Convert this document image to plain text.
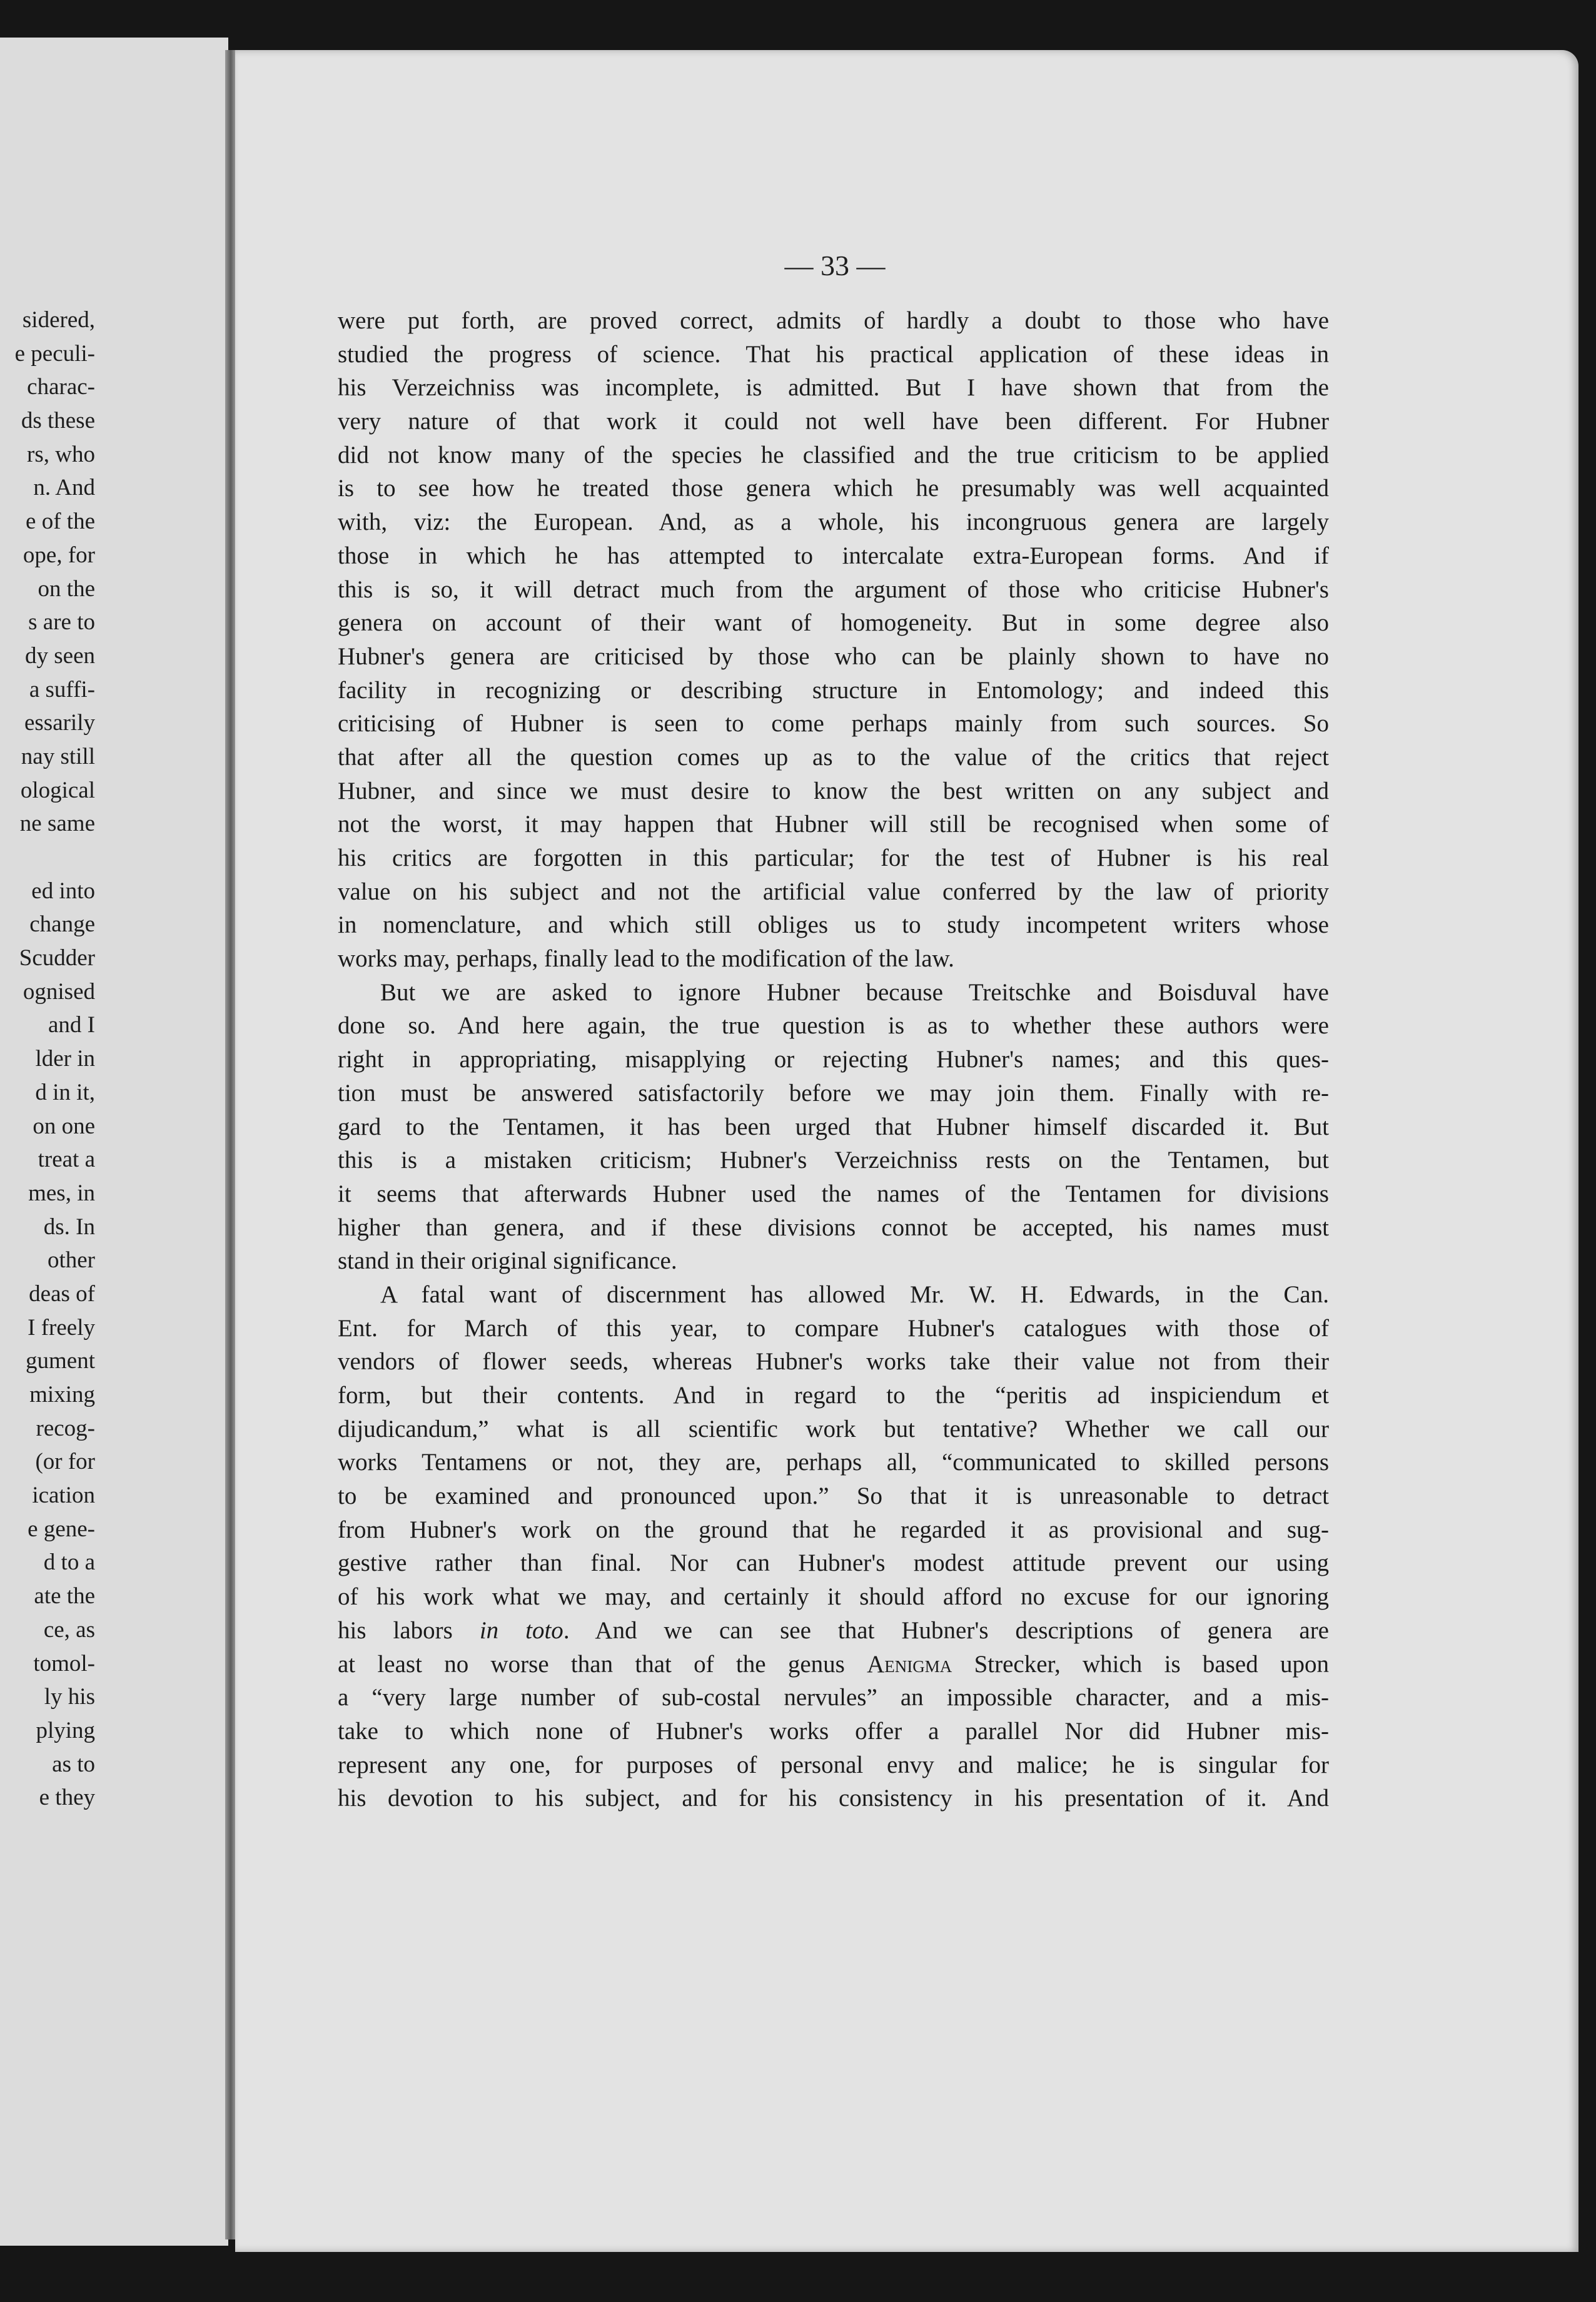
sidered,
e peculi-
charac-
ds these
rs, who
n. And
e of the
ope, for
on the
s are to
dy seen
a suffi-
essarily
nay still
ological
ne same
ed into
change
Scudder
ognised
and I
lder in
d in it,
on one
treat a
mes, in
ds. In
other
deas of
I freely
gument
mixing
recog-
(or for
ication
e gene-
d to a
ate the
ce, as
tomol-
ly his
plying
as to
e they
— 33 —
were put forth, are proved correct, admits of hardly a doubt to those who have
studied the progress of science. That his practical application of these ideas in
his Verzeichniss was incomplete, is admitted. But I have shown that from the
very nature of that work it could not well have been different. For Hubner
did not know many of the species he classified and the true criticism to be applied
is to see how he treated those genera which he presumably was well acquainted
with, viz: the European. And, as a whole, his incongruous genera are largely
those in which he has attempted to intercalate extra-European forms. And if
this is so, it will detract much from the argument of those who criticise Hubner's
genera on account of their want of homogeneity. But in some degree also
Hubner's genera are criticised by those who can be plainly shown to have no
facility in recognizing or describing structure in Entomology; and indeed this
criticising of Hubner is seen to come perhaps mainly from such sources. So
that after all the question comes up as to the value of the critics that reject
Hubner, and since we must desire to know the best written on any subject and
not the worst, it may happen that Hubner will still be recognised when some of
his critics are forgotten in this particular; for the test of Hubner is his real
value on his subject and not the artificial value conferred by the law of priority
in nomenclature, and which still obliges us to study incompetent writers whose
works may, perhaps, finally lead to the modification of the law.
But we are asked to ignore Hubner because Treitschke and Boisduval have
done so. And here again, the true question is as to whether these authors were
right in appropriating, misapplying or rejecting Hubner's names; and this ques-
tion must be answered satisfactorily before we may join them. Finally with re-
gard to the Tentamen, it has been urged that Hubner himself discarded it. But
this is a mistaken criticism; Hubner's Verzeichniss rests on the Tentamen, but
it seems that afterwards Hubner used the names of the Tentamen for divisions
higher than genera, and if these divisions connot be accepted, his names must
stand in their original significance.
A fatal want of discernment has allowed Mr. W. H. Edwards, in the Can.
Ent. for March of this year, to compare Hubner's catalogues with those of
vendors of flower seeds, whereas Hubner's works take their value not from their
form, but their contents. And in regard to the “peritis ad inspiciendum et
dijudicandum,” what is all scientific work but tentative? Whether we call our
works Tentamens or not, they are, perhaps all, “communicated to skilled persons
to be examined and pronounced upon.” So that it is unreasonable to detract
from Hubner's work on the ground that he regarded it as provisional and sug-
gestive rather than final. Nor can Hubner's modest attitude prevent our using
of his work what we may, and certainly it should afford no excuse for our ignoring
his labors in toto. And we can see that Hubner's descriptions of genera are
at least no worse than that of the genus Aenigma Strecker, which is based upon
a “very large number of sub-costal nervules” an impossible character, and a mis-
take to which none of Hubner's works offer a parallel Nor did Hubner mis-
represent any one, for purposes of personal envy and malice; he is singular for
his devotion to his subject, and for his consistency in his presentation of it. And
